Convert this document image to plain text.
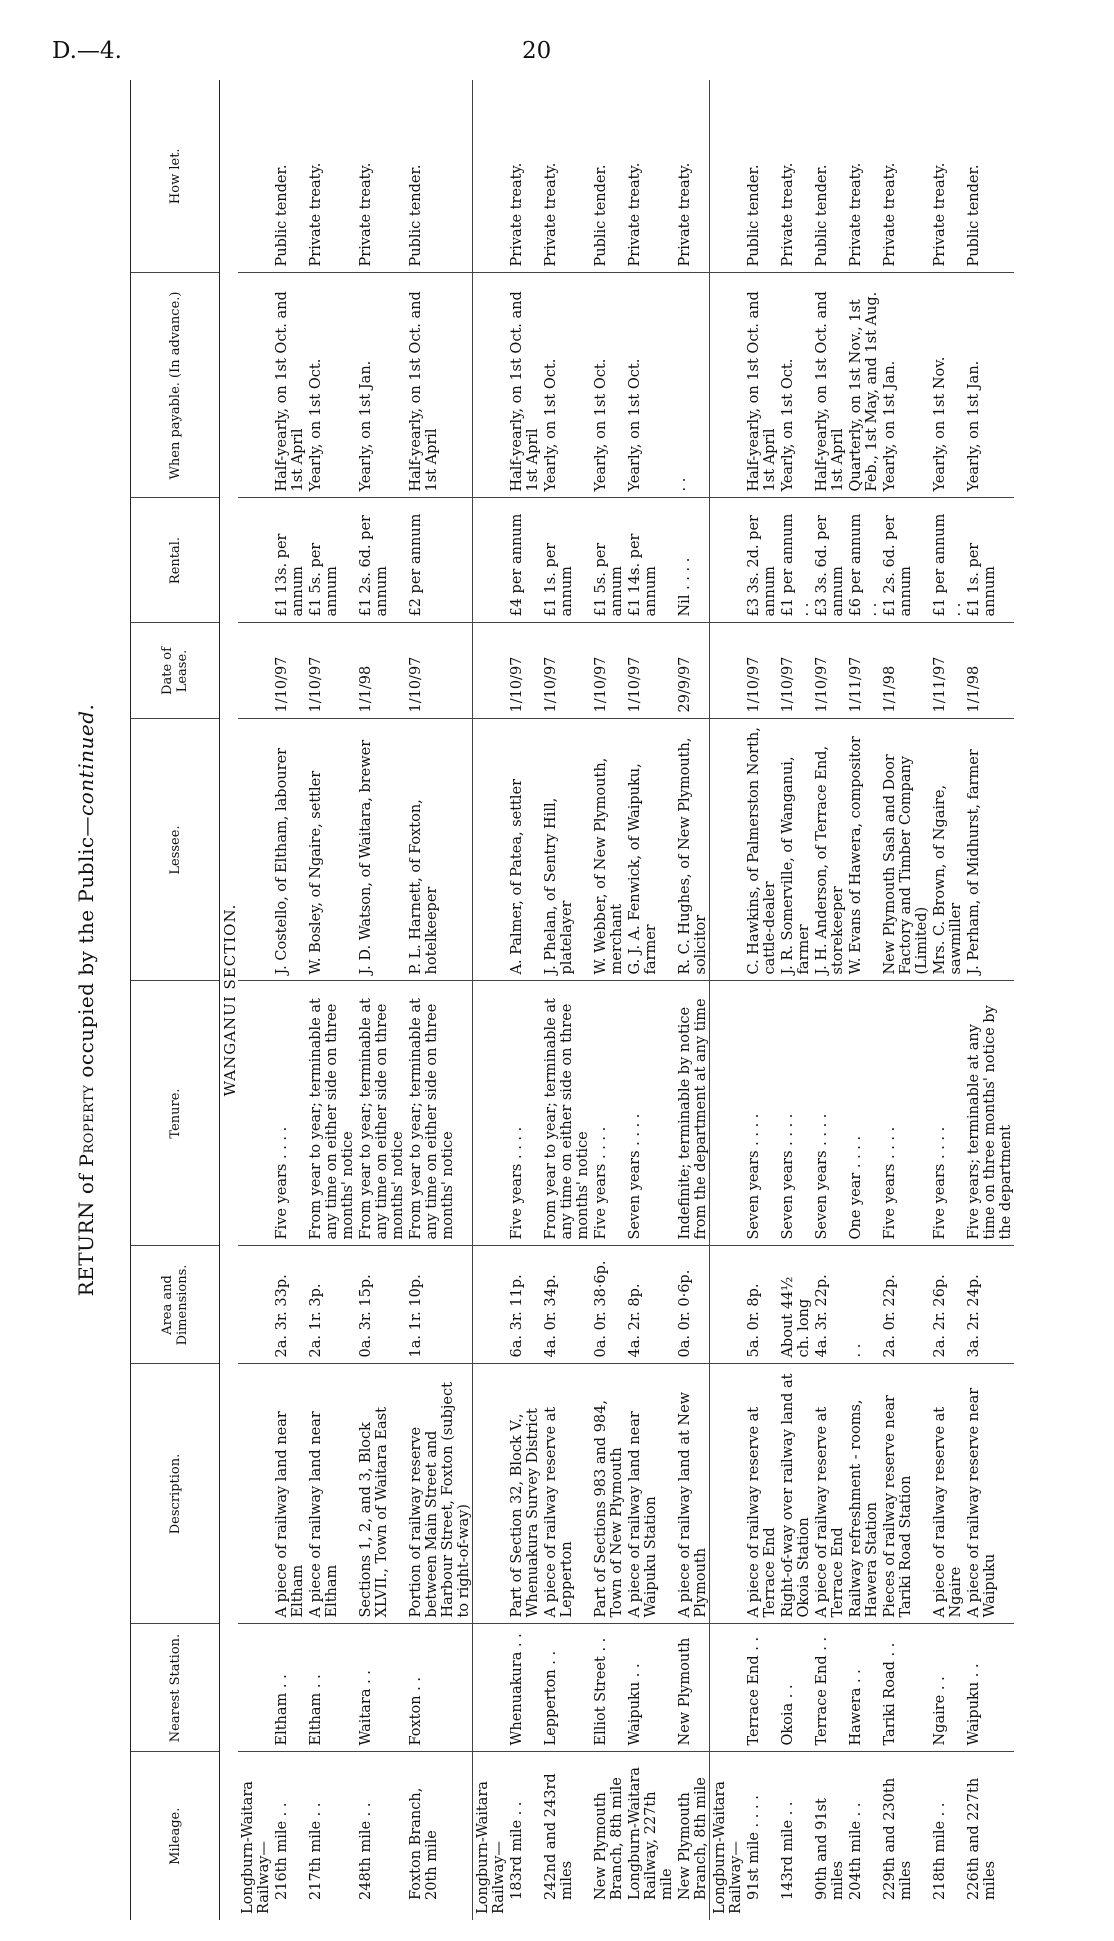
D.—4.	20
RETURN of Property occupied by the Public—continued.
Mileage.	Nearest Station.	Description.	Area and Dimensions.	Tenure.	Lessee.	Date of Lease.	Rental.	When payable. (In advance.)	How let.
WANGANUI SECTION.									
Longburn-Waitara Railway—									
216th mile . .	Eltham . .	A piece of railway land near Eltham	2a. 3r. 33p.	Five years . . . .	J. Costello, of Eltham, labourer	1/10/97	£1 13s. per annum	Half-yearly, on 1st Oct. and 1st April	Public tender.
217th mile . .	Eltham . .	A piece of railway land near Eltham	2a. 1r. 3p.	From year to year; terminable at any time on either side on three months' notice	W. Bosley, of Ngaire, settler	1/10/97	£1 5s. per annum	Yearly, on 1st Oct.	Private treaty.
248th mile . .	Waitara . .	Sections 1, 2, and 3, Block XLVII., Town of Waitara East	0a. 3r. 15p.	From year to year; terminable at any time on either side on three months' notice	J. D. Watson, of Waitara, brewer	1/1/98	£1 2s. 6d. per annum	Yearly, on 1st Jan.	Private treaty.
Foxton Branch, 20th mile	Foxton . .	Portion of railway reserve between Main Street and Harbour Street, Foxton (subject to right-of-way)	1a. 1r. 10p.	From year to year; terminable at any time on either side on three months' notice	P. L. Harnett, of Foxton, hotelkeeper	1/10/97	£2 per annum	Half-yearly, on 1st Oct. and 1st April	Public tender.
Longburn-Waitara Railway—									
183rd mile . .	Whenuakura . .	Part of Section 32, Block V., Whenuakura Survey District	6a. 3r. 11p.	Five years . . . .	A. Palmer, of Patea, settler	1/10/97	£4 per annum	Half-yearly, on 1st Oct. and 1st April	Private treaty.
242nd and 243rd miles	Lepperton . .	A piece of railway reserve at Lepperton	4a. 0r. 34p.	From year to year; terminable at any time on either side on three months' notice	J. Phelan, of Sentry Hill, platelayer	1/10/97	£1 1s. per annum	Yearly, on 1st Oct.	Private treaty.
New Plymouth Branch, 8th mile	Elliot Street . .	Part of Sections 983 and 984, Town of New Plymouth	0a. 0r. 38·6p.	Five years . . . .	W. Webber, of New Plymouth, merchant	1/10/97	£1 5s. per annum	Yearly, on 1st Oct.	Public tender.
Longburn-Waitara Railway, 227th mile	Waipuku . .	A piece of railway land near Waipuku Station	4a. 2r. 8p.	Seven years . . . .	G. J. A. Fenwick, of Waipuku, farmer	1/10/97	£1 14s. per annum	Yearly, on 1st Oct.	Private treaty.
New Plymouth Branch, 8th mile	New Plymouth	A piece of railway land at New Plymouth	0a. 0r. 0·6p.	Indefinite; terminable by notice from the department at any time	R. C. Hughes, of New Plymouth, solicitor	29/9/97	Nil . . . .	· ·	Private treaty.
Longburn-Waitara Railway—									
91st mile . . . .	Terrace End . .	A piece of railway reserve at Terrace End	5a. 0r. 8p.	Seven years . . . .	C. Hawkins, of Palmerston North, cattle-dealer	1/10/97	£3 3s. 2d. per annum	Half-yearly, on 1st Oct. and 1st April	Public tender.
143rd mile . .	Okoia . .	Right-of-way over railway land at Okoia Station	About 44½ ch. long	Seven years . . . .	J. R. Somerville, of Wanganui, farmer	1/10/97	£1 per annum . .	Yearly, on 1st Oct.	Private treaty.
90th and 91st miles	Terrace End . .	A piece of railway reserve at Terrace End	4a. 3r. 22p.	Seven years . . . .	J. H. Anderson, of Terrace End, storekeeper	1/10/97	£3 3s. 6d. per annum	Half-yearly, on 1st Oct. and 1st April	Public tender.
204th mile . .	Hawera . .	Railway refreshment - rooms, Hawera Station	. .	One year . . . .	W. Evans of Hawera, compositor	1/11/97	£6 per annum . .	Quarterly, on 1st Nov., 1st Feb., 1st May, and 1st Aug.	Private treaty.
229th and 230th miles	Tariki Road . .	Pieces of railway reserve near Tariki Road Station	2a. 0r. 22p.	Five years . . . .	New Plymouth Sash and Door Factory and Timber Company (Limited)	1/1/98	£1 2s. 6d. per annum	Yearly, on 1st Jan.	Private treaty.
218th mile . .	Ngaire . .	A piece of railway reserve at Ngaire	2a. 2r. 26p.	Five years . . . .	Mrs. C. Brown, of Ngaire, sawmiller	1/11/97	£1 per annum . .	Yearly, on 1st Nov.	Private treaty.
226th and 227th miles	Waipuku . .	A piece of railway reserve near Waipuku	3a. 2r. 24p.	Five years; terminable at any time on three months' notice by the department	J. Perham, of Midhurst, farmer	1/1/98	£1 1s. per annum	Yearly, on 1st Jan.	Public tender.
